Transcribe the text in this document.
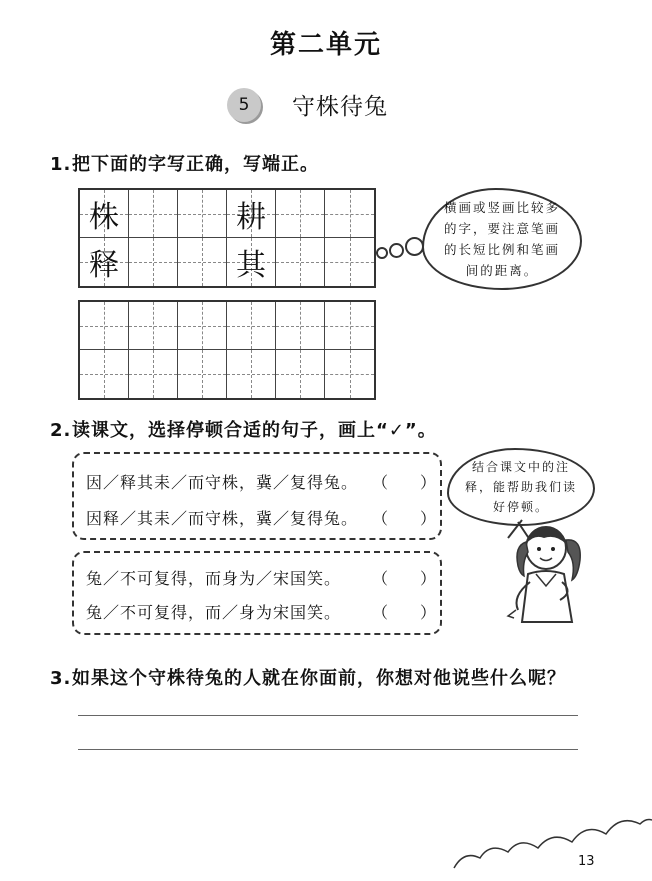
第二单元
5	守株待兔
1.把下面的字写正确，写端正。
株	耕
释	其
横画或竖画比较多的字，要注意笔画的长短比例和笔画间的距离。
2.读课文，选择停顿合适的句子，画上“✓”。
因／释其耒／而守株，冀／复得兔。 （ ）
因释／其耒／而守株，冀／复得兔。 （ ）
兔／不可复得，而身为／宋国笑。 （ ）
兔／不可复得，而／身为宋国笑。 （ ）
结合课文中的注释，能帮助我们读好停顿。
3.如果这个守株待兔的人就在你面前，你想对他说些什么呢？
13
